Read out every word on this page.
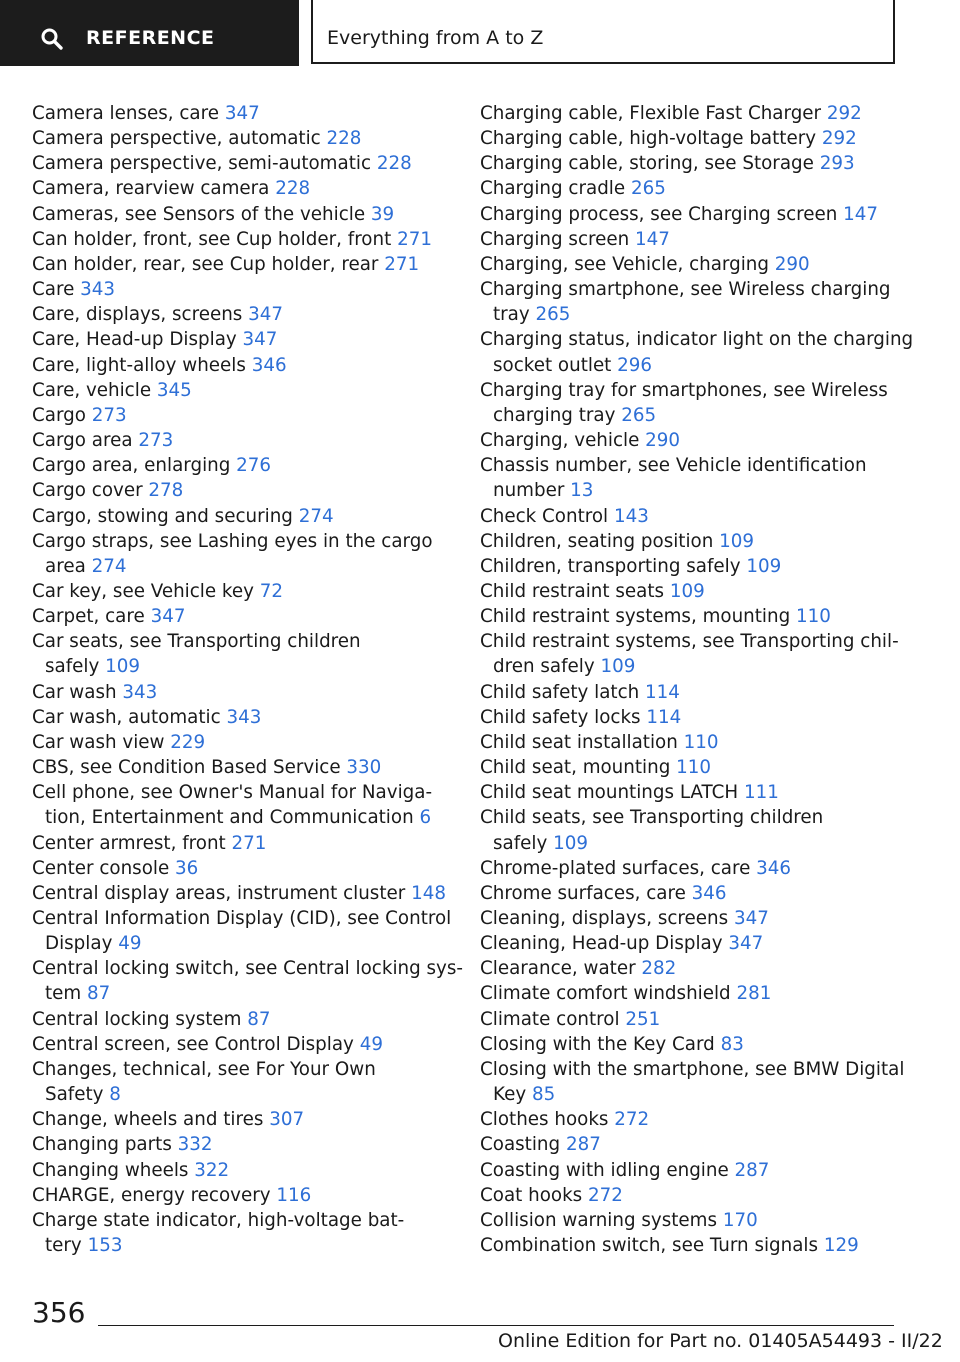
REFERENCE	Everything from A to Z
Camera lenses, care 347
Camera perspective, automatic 228
Camera perspective, semi-automatic 228
Camera, rearview camera 228
Cameras, see Sensors of the vehicle 39
Can holder, front, see Cup holder, front 271
Can holder, rear, see Cup holder, rear 271
Care 343
Care, displays, screens 347
Care, Head-up Display 347
Care, light-alloy wheels 346
Care, vehicle 345
Cargo 273
Cargo area 273
Cargo area, enlarging 276
Cargo cover 278
Cargo, stowing and securing 274
Cargo straps, see Lashing eyes in the cargo
area 274
Car key, see Vehicle key 72
Carpet, care 347
Car seats, see Transporting children
safely 109
Car wash 343
Car wash, automatic 343
Car wash view 229
CBS, see Condition Based Service 330
Cell phone, see Owner's Manual for Naviga-
tion, Entertainment and Communication 6
Center armrest, front 271
Center console 36
Central display areas, instrument cluster 148
Central Information Display (CID), see Control
Display 49
Central locking switch, see Central locking sys-
tem 87
Central locking system 87
Central screen, see Control Display 49
Changes, technical, see For Your Own
Safety 8
Change, wheels and tires 307
Changing parts 332
Changing wheels 322
CHARGE, energy recovery 116
Charge state indicator, high-voltage bat-
tery 153
Charging cable, Flexible Fast Charger 292
Charging cable, high-voltage battery 292
Charging cable, storing, see Storage 293
Charging cradle 265
Charging process, see Charging screen 147
Charging screen 147
Charging, see Vehicle, charging 290
Charging smartphone, see Wireless charging
tray 265
Charging status, indicator light on the charging
socket outlet 296
Charging tray for smartphones, see Wireless
charging tray 265
Charging, vehicle 290
Chassis number, see Vehicle identification
number 13
Check Control 143
Children, seating position 109
Children, transporting safely 109
Child restraint seats 109
Child restraint systems, mounting 110
Child restraint systems, see Transporting chil-
dren safely 109
Child safety latch 114
Child safety locks 114
Child seat installation 110
Child seat, mounting 110
Child seat mountings LATCH 111
Child seats, see Transporting children
safely 109
Chrome-plated surfaces, care 346
Chrome surfaces, care 346
Cleaning, displays, screens 347
Cleaning, Head-up Display 347
Clearance, water 282
Climate comfort windshield 281
Climate control 251
Closing with the Key Card 83
Closing with the smartphone, see BMW Digital
Key 85
Clothes hooks 272
Coasting 287
Coasting with idling engine 287
Coat hooks 272
Collision warning systems 170
Combination switch, see Turn signals 129
356
Online Edition for Part no. 01405A54493 - II/22
